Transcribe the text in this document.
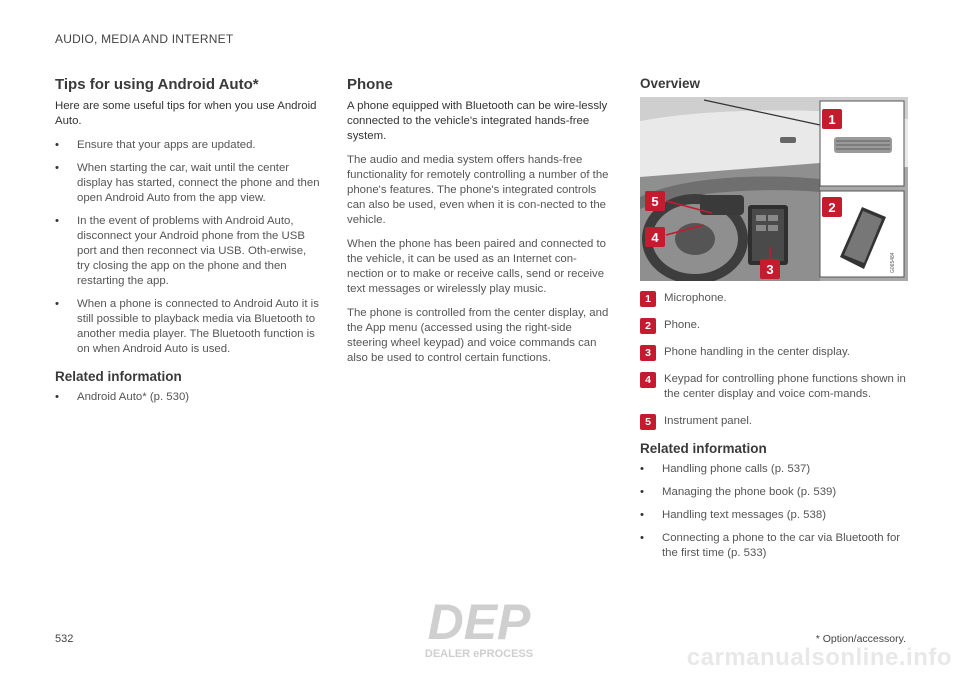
AUDIO, MEDIA AND INTERNET
Tips for using Android Auto*

Here are some useful tips for when you use Android Auto.

• Ensure that your apps are updated.
• When starting the car, wait until the center display has started, connect the phone and then open Android Auto from the app view.
• In the event of problems with Android Auto, disconnect your Android phone from the USB port and then reconnect via USB. Oth-erwise, try closing the app on the phone and then restarting the app.
• When a phone is connected to Android Auto it is still possible to playback media via Bluetooth to another media player. The Bluetooth function is on when Android Auto is used.
Related information
• Android Auto* (p. 530)
Phone

A phone equipped with Bluetooth can be wire-lessly connected to the vehicle's integrated hands-free system.

The audio and media system offers hands-free functionality for remotely controlling a number of the phone's features. The phone's integrated controls can also be used, even when it is con-nected to the vehicle.

When the phone has been paired and connected to the vehicle, it can be used as an Internet con-nection or to make or receive calls, send or receive text messages or wirelessly play music.

The phone is controlled from the center display, and the App menu (accessed using the right-side steering wheel keypad) and voice commands can also be used to control certain functions.

Overview
G065484
1
2
3
4
5
1	Microphone.
2	Phone.
3	Phone handling in the center display.
4	Keypad for controlling phone functions shown in the center display and voice com-mands.
5	Instrument panel.
Related information
• Handling phone calls (p. 537)
• Managing the phone book (p. 539)
• Handling text messages (p. 538)
• Connecting a phone to the car via Bluetooth for the first time (p. 533)
532	* Option/accessory.
DEP
DEALER ePROCESS	carmanualsonline.info
